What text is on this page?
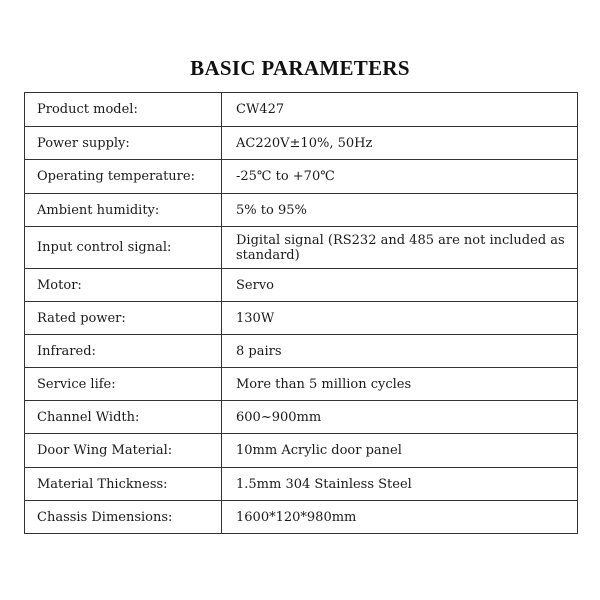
BASIC PARAMETERS
Product model:	CW427
Power supply:	AC220V±10%, 50Hz
Operating temperature:	-25℃ to +70℃
Ambient humidity:	5% to 95%
Input control signal:	Digital signal (RS232 and 485 are not included as standard)
Motor:	Servo
Rated power:	130W
Infrared:	8 pairs
Service life:	More than 5 million cycles
Channel Width:	600~900mm
Door Wing Material:	10mm Acrylic door panel
Material Thickness:	1.5mm 304 Stainless Steel
Chassis Dimensions:	1600*120*980mm
